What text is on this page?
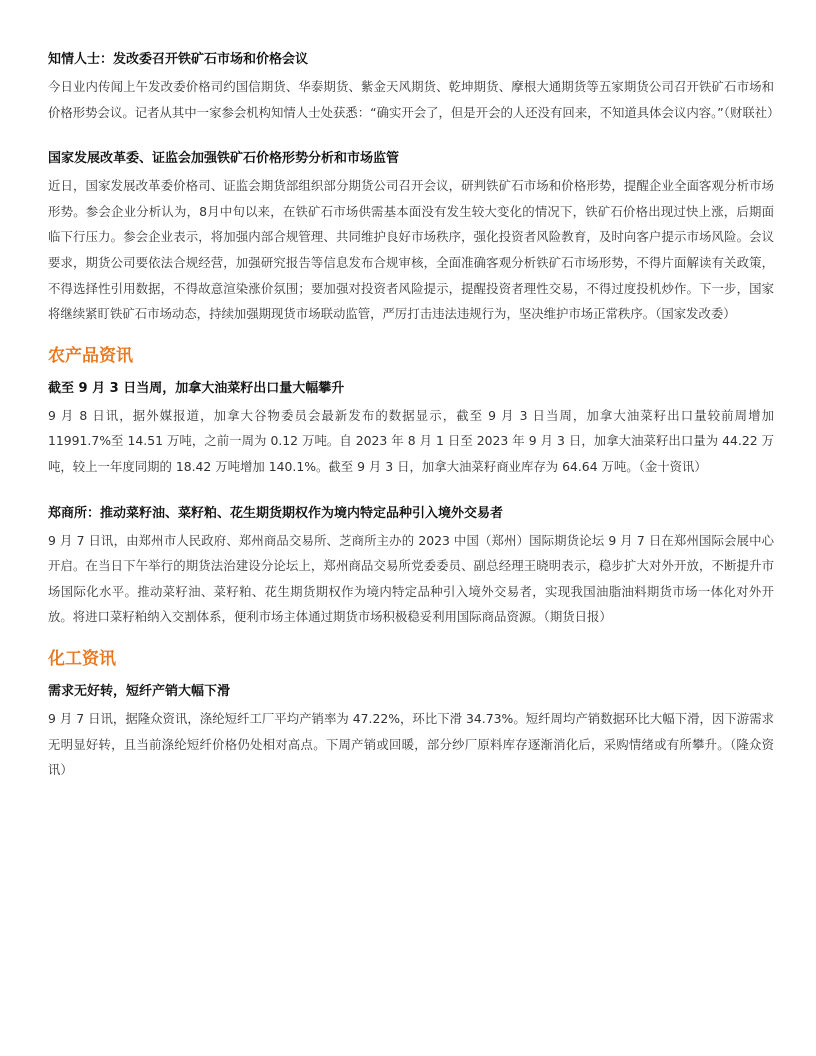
知情人士：发改委召开铁矿石市场和价格会议

今日业内传闻上午发改委价格司约国信期货、华泰期货、紫金天风期货、乾坤期货、摩根大通期货等五家期货公司召开铁矿石市场和价格形势会议。记者从其中一家参会机构知情人士处获悉：“确实开会了，但是开会的人还没有回来，不知道具体会议内容。”（财联社）

国家发展改革委、证监会加强铁矿石价格形势分析和市场监管

近日，国家发展改革委价格司、证监会期货部组织部分期货公司召开会议，研判铁矿石市场和价格形势，提醒企业全面客观分析市场形势。参会企业分析认为，8月中旬以来，在铁矿石市场供需基本面没有发生较大变化的情况下，铁矿石价格出现过快上涨，后期面临下行压力。参会企业表示，将加强内部合规管理、共同维护良好市场秩序，强化投资者风险教育，及时向客户提示市场风险。会议要求，期货公司要依法合规经营，加强研究报告等信息发布合规审核，全面准确客观分析铁矿石市场形势，不得片面解读有关政策，不得选择性引用数据，不得故意渲染涨价氛围；要加强对投资者风险提示，提醒投资者理性交易，不得过度投机炒作。下一步，国家将继续紧盯铁矿石市场动态，持续加强期现货市场联动监管，严厉打击违法违规行为，坚决维护市场正常秩序。（国家发改委）

农产品资讯
截至 9 月 3 日当周，加拿大油菜籽出口量大幅攀升

9 月 8 日讯，据外媒报道，加拿大谷物委员会最新发布的数据显示，截至 9 月 3 日当周，加拿大油菜籽出口量较前周增加 11991.7%至 14.51 万吨，之前一周为 0.12 万吨。自 2023 年 8 月 1 日至 2023 年 9 月 3 日，加拿大油菜籽出口量为 44.22 万吨，较上一年度同期的 18.42 万吨增加 140.1%。截至 9 月 3 日，加拿大油菜籽商业库存为 64.64 万吨。（金十资讯）

郑商所：推动菜籽油、菜籽粕、花生期货期权作为境内特定品种引入境外交易者

9 月 7 日讯，由郑州市人民政府、郑州商品交易所、芝商所主办的 2023 中国（郑州）国际期货论坛 9 月 7 日在郑州国际会展中心开启。在当日下午举行的期货法治建设分论坛上，郑州商品交易所党委委员、副总经理王晓明表示，稳步扩大对外开放，不断提升市场国际化水平。推动菜籽油、菜籽粕、花生期货期权作为境内特定品种引入境外交易者，实现我国油脂油料期货市场一体化对外开放。将进口菜籽粕纳入交割体系，便利市场主体通过期货市场积极稳妥利用国际商品资源。（期货日报）

化工资讯
需求无好转，短纤产销大幅下滑

9 月 7 日讯，据隆众资讯，涤纶短纤工厂平均产销率为 47.22%，环比下滑 34.73%。短纤周均产销数据环比大幅下滑，因下游需求无明显好转，且当前涤纶短纤价格仍处相对高点。下周产销或回暖，部分纱厂原料库存逐渐消化后，采购情绪或有所攀升。（隆众资讯）
